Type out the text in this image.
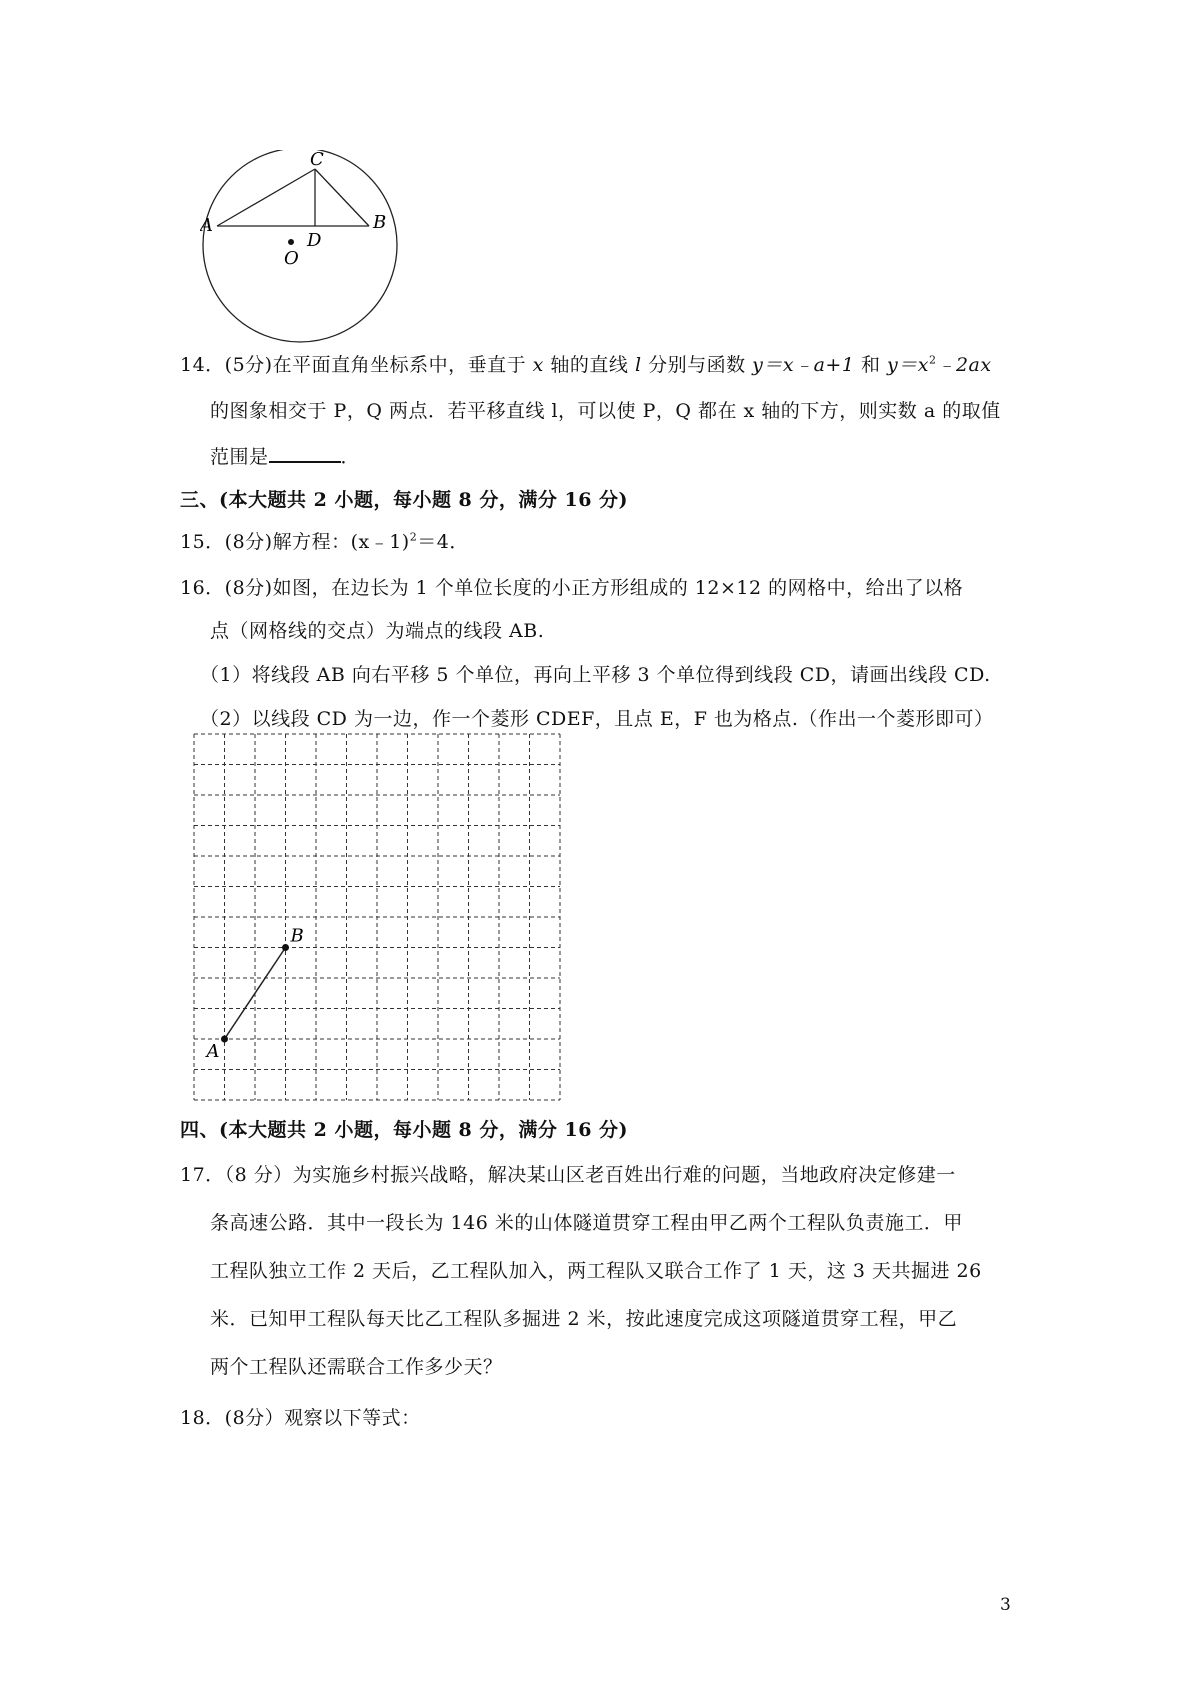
C
A	B
D
O
14．(5分)在平面直角坐标系中，垂直于 x 轴的直线 l 分别与函数 y＝x﹣a+1 和 $y=x^2﹣2ax$
的图象相交于 P，Q 两点．若平移直线 l，可以使 P，Q 都在 x 轴的下方，则实数 a 的取值
范围是	．
三、(本大题共 2 小题，每小题 8 分，满分 16 分)
15．(8分)解方程：(x﹣1)$^2$＝4．
16．(8分)如图，在边长为 1 个单位长度的小正方形组成的 12×12 的网格中，给出了以格
点（网格线的交点）为端点的线段 AB.
（1）将线段 AB 向右平移 5 个单位，再向上平移 3 个单位得到线段 CD，请画出线段 CD.
（2）以线段 CD 为一边，作一个菱形 CDEF，且点 E，F 也为格点.（作出一个菱形即可）
A
B
四、(本大题共 2 小题，每小题 8 分，满分 16 分)
17．（8 分）为实施乡村振兴战略，解决某山区老百姓出行难的问题，当地政府决定修建一
条高速公路．其中一段长为 146 米的山体隧道贯穿工程由甲乙两个工程队负责施工．甲
工程队独立工作 2 天后，乙工程队加入，两工程队又联合工作了 1 天，这 3 天共掘进 26
米．已知甲工程队每天比乙工程队多掘进 2 米，按此速度完成这项隧道贯穿工程，甲乙
两个工程队还需联合工作多少天？
18．(8分）观察以下等式：
3
